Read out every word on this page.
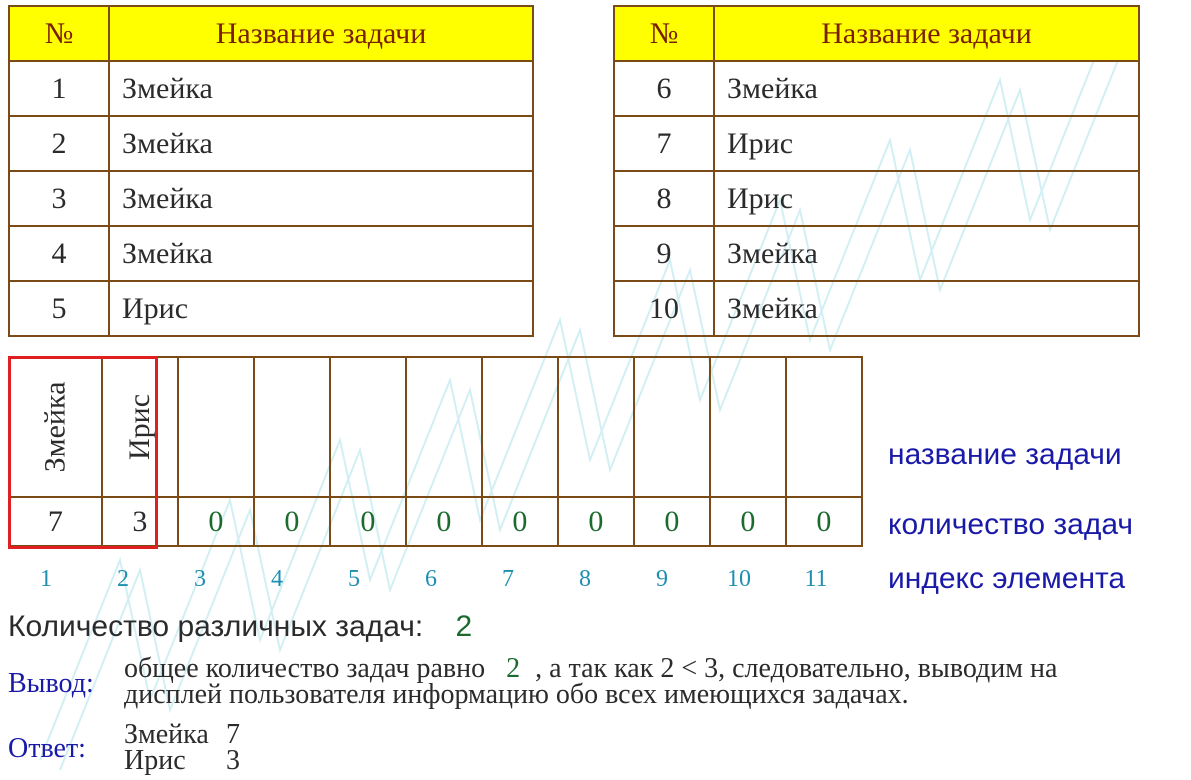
№	Название задачи
1	Змейка
2	Змейка
3	Змейка
4	Змейка
5	Ирис
№	Название задачи
6	Змейка
7	Ирис
8	Ирис
9	Змейка
10	Змейка
Змейка	Ирис									
7	3	0	0	0	0	0	0	0	0	0
1	2	3	4	5	6	7	8	9	10	11
название задачи
количество задач
индекс элемента
Количество различных задач: 2
Вывод: общее количество задач равно 2 , а так как 2 < 3, следовательно, выводим на
дисплей пользователя информацию обо всех имеющихся задачах.
Ответ: Змейка 7
Ирис 3
